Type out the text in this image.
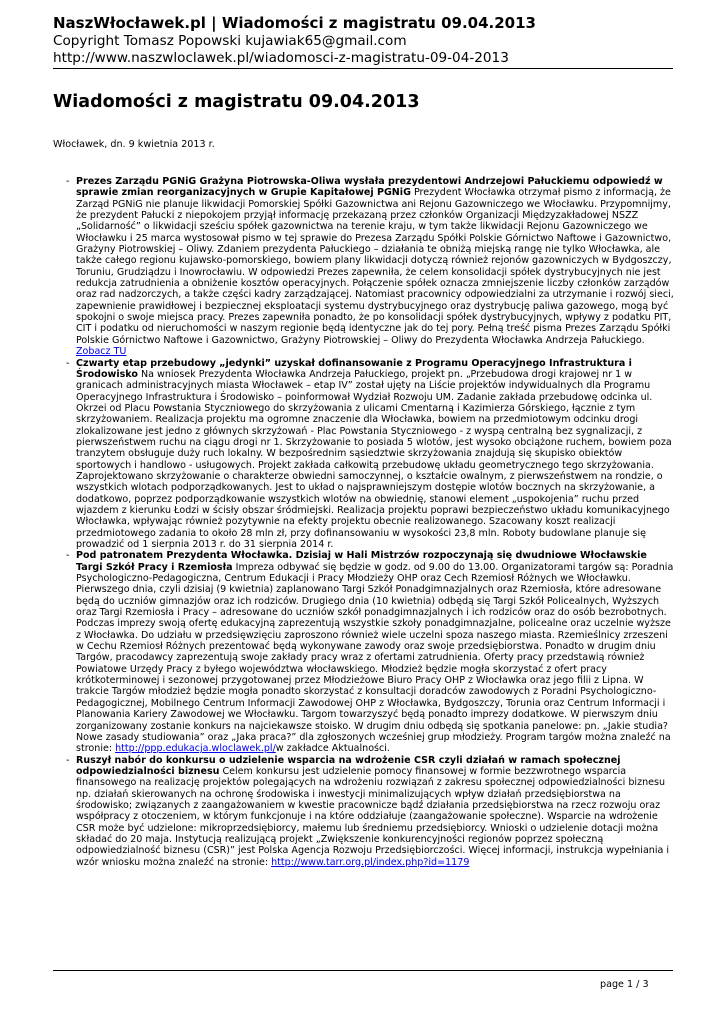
NaszWłocławek.pl | Wiadomości z magistratu 09.04.2013
Copyright Tomasz Popowski kujawiak65@gmail.com
http://www.naszwloclawek.pl/wiadomosci-z-magistratu-09-04-2013
Wiadomości z magistratu 09.04.2013
Włocławek, dn. 9 kwietnia 2013 r.
- Prezes Zarządu PGNiG Grażyna Piotrowska-Oliwa wysłała prezydentowi Andrzejowi Pałuckiemu odpowiedź w sprawie zmian reorganizacyjnych w Grupie Kapitałowej PGNiG Prezydent Włocławka otrzymał pismo z informacją, że Zarząd PGNiG nie planuje likwidacji Pomorskiej Spółki Gazownictwa ani Rejonu Gazowniczego we Włocławku. Przypomnijmy, że prezydent Pałucki z niepokojem przyjął informację przekazaną przez członków Organizacji Międzyzakładowej NSZZ „Solidarność” o likwidacji sześciu spółek gazownictwa na terenie kraju, w tym także likwidacji Rejonu Gazowniczego we Włocławku i 25 marca wystosował pismo w tej sprawie do Prezesa Zarządu Spółki Polskie Górnictwo Naftowe i Gazownictwo, Grażyny Piotrowskiej – Oliwy. Zdaniem prezydenta Pałuckiego – działania te obniżą miejską rangę nie tylko Włocławka, ale także całego regionu kujawsko-pomorskiego, bowiem plany likwidacji dotyczą również rejonów gazowniczych w Bydgoszczy, Toruniu, Grudziądzu i Inowrocławiu. W odpowiedzi Prezes zapewniła, że celem konsolidacji spółek dystrybucyjnych nie jest redukcja zatrudnienia a obniżenie kosztów operacyjnych. Połączenie spółek oznacza zmniejszenie liczby członków zarządów oraz rad nadzorczych, a także części kadry zarządzającej. Natomiast pracownicy odpowiedzialni za utrzymanie i rozwój sieci, zapewnienie prawidłowej i bezpiecznej eksploatacji systemu dystrybucyjnego oraz dystrybucję paliwa gazowego, mogą być spokojni o swoje miejsca pracy. Prezes zapewniła ponadto, że po konsolidacji spółek dystrybucyjnych, wpływy z podatku PIT, CIT i podatku od nieruchomości w naszym regionie będą identyczne jak do tej pory. Pełną treść pisma Prezes Zarządu Spółki Polskie Górnictwo Naftowe i Gazownictwo, Grażyny Piotrowskiej – Oliwy do Prezydenta Włocławka Andrzeja Pałuckiego. Zobacz TU
- Czwarty etap przebudowy „jedynki” uzyskał dofinansowanie z Programu Operacyjnego Infrastruktura i Środowisko Na wniosek Prezydenta Włocławka Andrzeja Pałuckiego, projekt pn. „Przebudowa drogi krajowej nr 1 w granicach administracyjnych miasta Włocławek – etap IV” został ujęty na Liście projektów indywidualnych dla Programu Operacyjnego Infrastruktura i Środowisko – poinformował Wydział Rozwoju UM. Zadanie zakłada przebudowę odcinka ul. Okrzei od Placu Powstania Styczniowego do skrzyżowania z ulicami Cmentarną i Kazimierza Górskiego, łącznie z tym skrzyżowaniem. Realizacja projektu ma ogromne znaczenie dla Włocławka, bowiem na przedmiotowym odcinku drogi zlokalizowane jest jedno z głównych skrzyżowań - Plac Powstania Styczniowego - z wyspą centralną bez sygnalizacji, z pierwszeństwem ruchu na ciągu drogi nr 1. Skrzyżowanie to posiada 5 wlotów, jest wysoko obciążone ruchem, bowiem poza tranzytem obsługuje duży ruch lokalny. W bezpośrednim sąsiedztwie skrzyżowania znajdują się skupisko obiektów sportowych i handlowo - usługowych. Projekt zakłada całkowitą przebudowę układu geometrycznego tego skrzyżowania. Zaprojektowano skrzyżowanie o charakterze obwiedni samoczynnej, o kształcie owalnym, z pierwszeństwem na rondzie, o wszystkich wlotach podporządkowanych. Jest to układ o najsprawniejszym dostępie wlotów bocznych na skrzyżowanie, a dodatkowo, poprzez podporządkowanie wszystkich wlotów na obwiednię, stanowi element „uspokojenia” ruchu przed wjazdem z kierunku Łodzi w ścisły obszar śródmiejski. Realizacja projektu poprawi bezpieczeństwo układu komunikacyjnego Włocławka, wpływając również pozytywnie na efekty projektu obecnie realizowanego. Szacowany koszt realizacji przedmiotowego zadania to około 28 mln zł, przy dofinansowaniu w wysokości 23,8 mln. Roboty budowlane planuje się prowadzić od 1 sierpnia 2013 r. do 31 sierpnia 2014 r.
- Pod patronatem Prezydenta Włocławka. Dzisiaj w Hali Mistrzów rozpoczynają się dwudniowe Włocławskie Targi Szkół Pracy i Rzemiosła Impreza odbywać się będzie w godz. od 9.00 do 13.00. Organizatorami targów są: Poradnia Psychologiczno-Pedagogiczna, Centrum Edukacji i Pracy Młodzieży OHP oraz Cech Rzemiosł Różnych we Włocławku. Pierwszego dnia, czyli dzisiaj (9 kwietnia) zaplanowano Targi Szkół Ponadgimnazjalnych oraz Rzemiosła, które adresowane będą do uczniów gimnazjów oraz ich rodziców. Drugiego dnia (10 kwietnia) odbędą się Targi Szkół Policealnych, Wyższych oraz Targi Rzemiosła i Pracy – adresowane do uczniów szkół ponadgimnazjalnych i ich rodziców oraz do osób bezrobotnych. Podczas imprezy swoją ofertę edukacyjną zaprezentują wszystkie szkoły ponadgimnazjalne, policealne oraz uczelnie wyższe z Włocławka. Do udziału w przedsięwzięciu zaproszono również wiele uczelni spoza naszego miasta. Rzemieślnicy zrzeszeni w Cechu Rzemiosł Różnych prezentować będą wykonywane zawody oraz swoje przedsiębiorstwa. Ponadto w drugim dniu Targów, pracodawcy zaprezentują swoje zakłady pracy wraz z ofertami zatrudnienia. Oferty pracy przedstawią również Powiatowe Urzędy Pracy z byłego województwa włocławskiego. Młodzież będzie mogła skorzystać z ofert pracy krótkoterminowej i sezonowej przygotowanej przez Młodzieżowe Biuro Pracy OHP z Włocławka oraz jego filii z Lipna. W trakcie Targów młodzież będzie mogła ponadto skorzystać z konsultacji doradców zawodowych z Poradni Psychologiczno-Pedagogicznej, Mobilnego Centrum Informacji Zawodowej OHP z Włocławka, Bydgoszczy, Torunia oraz Centrum Informacji i Planowania Kariery Zawodowej we Włocławku. Targom towarzyszyć będą ponadto imprezy dodatkowe. W pierwszym dniu zorganizowany zostanie konkurs na najciekawsze stoisko. W drugim dniu odbędą się spotkania panelowe: pn. „Jakie studia? Nowe zasady studiowania” oraz „Jaka praca?” dla zgłoszonych wcześniej grup młodzieży. Program targów można znaleźć na stronie: http://ppp.edukacja.wloclawek.pl/w zakładce Aktualności.
- Ruszył nabór do konkursu o udzielenie wsparcia na wdrożenie CSR czyli działań w ramach społecznej odpowiedzialności biznesu Celem konkursu jest udzielenie pomocy finansowej w formie bezzwrotnego wsparcia finansowego na realizację projektów polegających na wdrożeniu rozwiązań z zakresu społecznej odpowiedzialności biznesu np. działań skierowanych na ochronę środowiska i inwestycji minimalizujących wpływ działań przedsiębiorstwa na środowisko; związanych z zaangażowaniem w kwestie pracownicze bądź działania przedsiębiorstwa na rzecz rozwoju oraz współpracy z otoczeniem, w którym funkcjonuje i na które oddziałuje (zaangażowanie społeczne). Wsparcie na wdrożenie CSR może być udzielone: mikroprzedsiębiorcy, małemu lub średniemu przedsiębiorcy. Wnioski o udzielenie dotacji można składać do 20 maja. Instytucją realizującą projekt „Zwiększenie konkurencyjności regionów poprzez społeczną odpowiedzialność biznesu (CSR)” jest Polska Agencja Rozwoju Przedsiębiorczości. Więcej informacji, instrukcja wypełniania i wzór wniosku można znaleźć na stronie: http://www.tarr.org.pl/index.php?id=1179
page 1 / 3
